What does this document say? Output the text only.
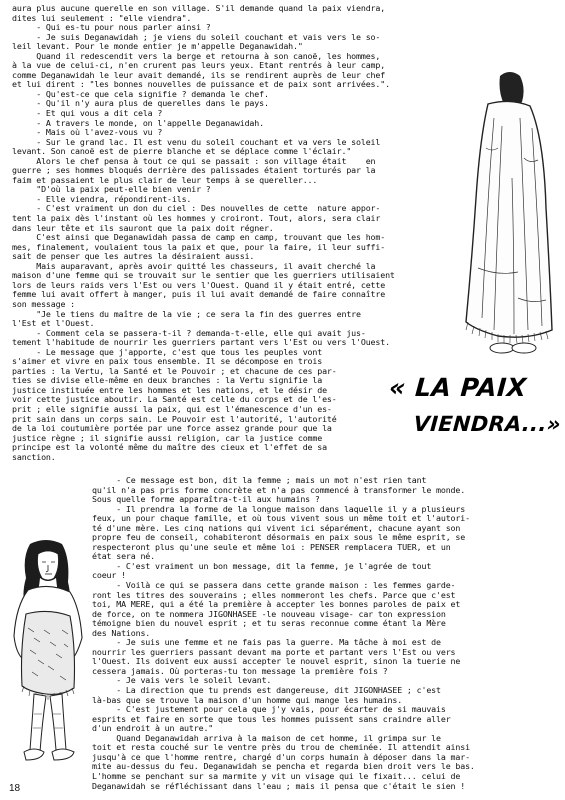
aura plus aucune querelle en son village. S'il demande quand la paix viendra,

dites lui seulement : "elle viendra".

- Qui es-tu pour nous parler ainsi ?

- Je suis Deganawidah ; je viens du soleil couchant et vais vers le so-

leil levant. Pour le monde entier je m'appelle Deganawidah."

Quand il redescendit vers la berge et retourna à son canoë, les hommes,

à la vue de celui-ci, n'en crurent pas leurs yeux. Etant rentrés à leur camp,

comme Deganawidah le leur avait demandé, ils se rendirent auprès de leur chef

et lui dirent : "les bonnes nouvelles de puissance et de paix sont arrivées.".

- Qu'est-ce que cela signifie ? demanda le chef.

- Qu'il n'y aura plus de querelles dans le pays.

- Et qui vous a dit cela ?

- A travers le monde, on l'appelle Deganawidah.

- Mais où l'avez-vous vu ?

- Sur le grand lac. Il est venu du soleil couchant et va vers le soleil

levant. Son canoë est de pierre blanche et se déplace comme l'éclair."

Alors le chef pensa à tout ce qui se passait : son village était    en

guerre ; ses hommes bloqués derrière des palissades étaient torturés par la

faim et passaient le plus clair de leur temps à se quereller...

"D'où la paix peut-elle bien venir ?

- Elle viendra, répondirent-ils.

- C'est vraiment un don du ciel : Des nouvelles de cette  nature appor-

tent la paix dès l'instant où les hommes y croiront. Tout, alors, sera clair

dans leur tête et ils sauront que la paix doit régner.

C'est ainsi que Deganawidah passa de camp en camp, trouvant que les hom-

mes, finalement, voulaient tous la paix et que, pour la faire, il leur suffi-

sait de penser que les autres la désiraient aussi.

Mais auparavant, après avoir quitté les chasseurs, il avait cherché la

maison d'une femme qui se trouvait sur le sentier que les guerriers utilisaient

lors de leurs raids vers l'Est ou vers l'Ouest. Quand il y était entré, cette

femme lui avait offert à manger, puis il lui avait demandé de faire connaître

son message :

"Je le tiens du maître de la vie ; ce sera la fin des guerres entre

l'Est et l'Ouest.

- Comment cela se passera-t-il ? demanda-t-elle, elle qui avait jus-

tement l'habitude de nourrir les guerriers partant vers l'Est ou vers l'Ouest.

- Le message que j'apporte, c'est que tous les peuples vont

s'aimer et vivre en paix tous ensemble. Il se décompose en trois

parties : la Vertu, la Santé et le Pouvoir ; et chacune de ces par-

ties se divise elle-même en deux branches : la Vertu signifie la

justice instituée entre les hommes et les nations, et le désir de

voir cette justice aboutir. La Santé est celle du corps et de l'es-

prit ; elle signifie aussi la paix, qui est l'émanescence d'un es-

prit sain dans un corps sain. Le Pouvoir est l'autorité, l'autorité

de la loi coutumière portée par une force assez grande pour que la

justice règne ; il signifie aussi religion, car la justice comme

principe est la volonté même du maître des cieux et l'effet de sa

sanction.

« LA PAIX
VIENDRA...»

- Ce message est bon, dit la femme ; mais un mot n'est rien tant

qu'il n'a pas pris forme concrète et n'a pas commencé à transformer le monde.

Sous quelle forme apparaîtra-t-il aux humains ?

- Il prendra la forme de la longue maison dans laquelle il y a plusieurs

feux, un pour chaque famille, et où tous vivent sous un même toit et l'autori-

té d'une mère. Les cinq nations qui vivent ici séparément, chacune ayant son

propre feu de conseil, cohabiteront désormais en paix sous le même esprit, se

respecteront plus qu'une seule et même loi : PENSER remplacera TUER, et un

état sera né.

- C'est vraiment un bon message, dit la femme, je l'agrée de tout

coeur !

- Voilà ce qui se passera dans cette grande maison : les femmes garde-

ront les titres des souverains ; elles nommeront les chefs. Parce que c'est

toi, MA MERE, qui a été la première à accepter les bonnes paroles de paix et

de force, on te nommera JIGONHASEE -le nouveau visage- car ton expression

témoigne bien du nouvel esprit ; et tu seras reconnue comme étant la Mère

des Nations.

- Je suis une femme et ne fais pas la guerre. Ma tâche à moi est de

nourrir les guerriers passant devant ma porte et partant vers l'Est ou vers

l'Ouest. Ils doivent eux aussi accepter le nouvel esprit, sinon la tuerie ne

cessera jamais. Où porteras-tu ton message la première fois ?

- Je vais vers le soleil levant.

- La direction que tu prends est dangereuse, dit JIGONHASEE ; c'est

là-bas que se trouve la maison d'un homme qui mange les humains.

- C'est justement pour cela que j'y vais, pour écarter de si mauvais

esprits et faire en sorte que tous les hommes puissent sans craindre aller

d'un endroit à un autre."

Quand Deganawidah arriva à la maison de cet homme, il grimpa sur le

toit et resta couché sur le ventre près du trou de cheminée. Il attendit ainsi

jusqu'à ce que l'homme rentre, chargé d'un corps humain à déposer dans la mar-

mite au-dessus du feu. Deganawidah se pencha et regarda bien droit vers le bas.

L'homme se penchant sur sa marmite y vit un visage qui le fixait... celui de

Deganawidah se réfléchissant dans l'eau ; mais il pensa que c'était le sien !

18
